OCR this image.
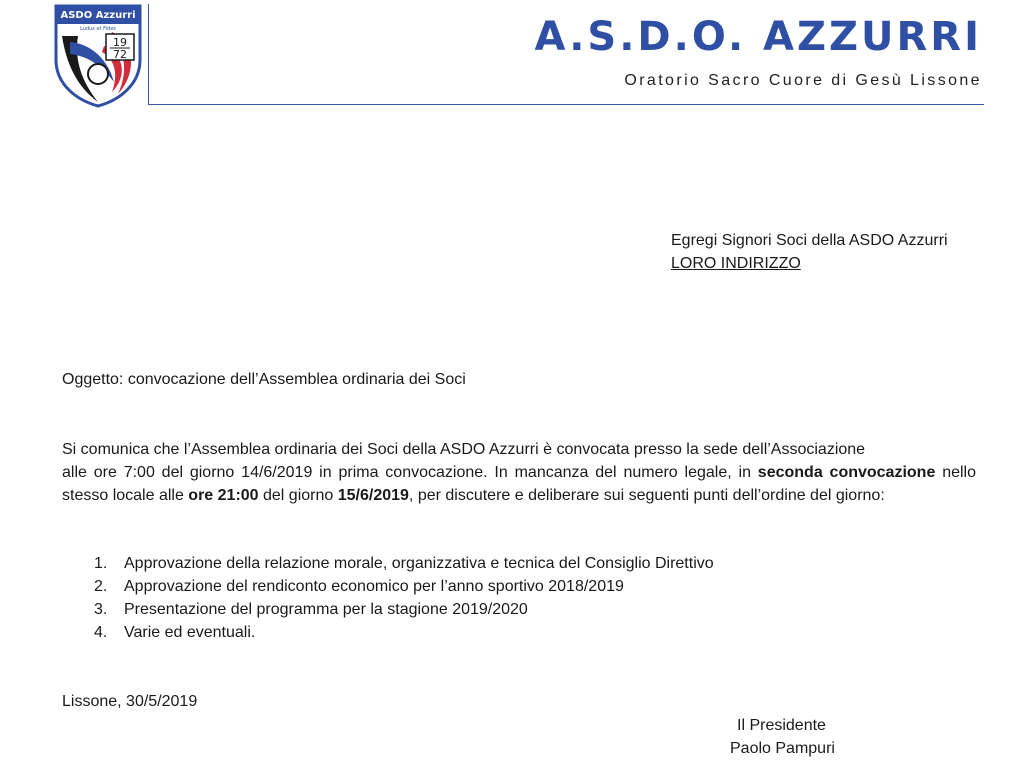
ASDO Azzurri
Ludus et Fides
19
72	A.S.D.O. AZZURRI
Oratorio Sacro Cuore di Gesù Lissone
Egregi Signori Soci della ASDO Azzurri
LORO INDIRIZZO
Oggetto: convocazione dell’Assemblea ordinaria dei Soci
Si comunica che l’Assemblea ordinaria dei Soci della ASDO Azzurri è convocata presso la sede dell’Associazione
alle ore 7:00 del giorno 14/6/2019 in prima convocazione. In mancanza del numero legale, in seconda convocazione nello stesso locale alle ore 21:00 del giorno 15/6/2019, per discutere e deliberare sui seguenti punti dell’ordine del giorno:
1. Approvazione della relazione morale, organizzativa e tecnica del Consiglio Direttivo
2. Approvazione del rendiconto economico per l’anno sportivo 2018/2019
3. Presentazione del programma per la stagione 2019/2020
4. Varie ed eventuali.
Lissone, 30/5/2019
Il Presidente
Paolo Pampuri
